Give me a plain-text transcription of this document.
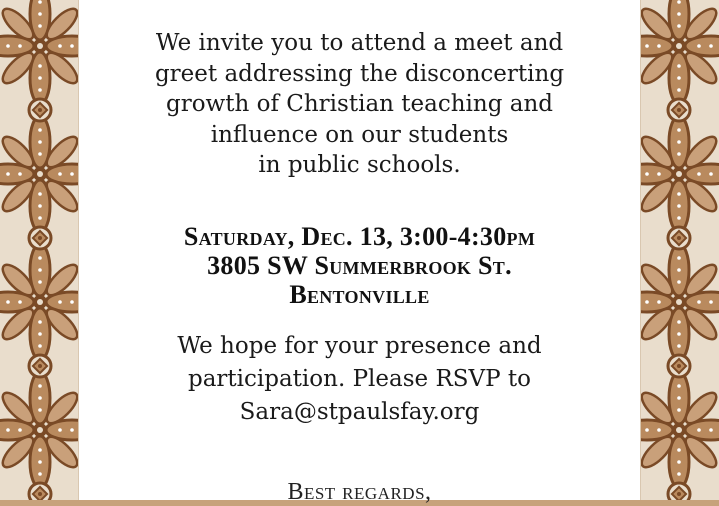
We invite you to attend a meet and
greet addressing the disconcerting
growth of Christian teaching and
influence on our students
in public schools.
Saturday, Dec. 13, 3:00-4:30pm
3805 SW Summerbrook St.
Bentonville
We hope for your presence and
participation. Please RSVP to
Sara@stpaulsfay.org
Best regards,
